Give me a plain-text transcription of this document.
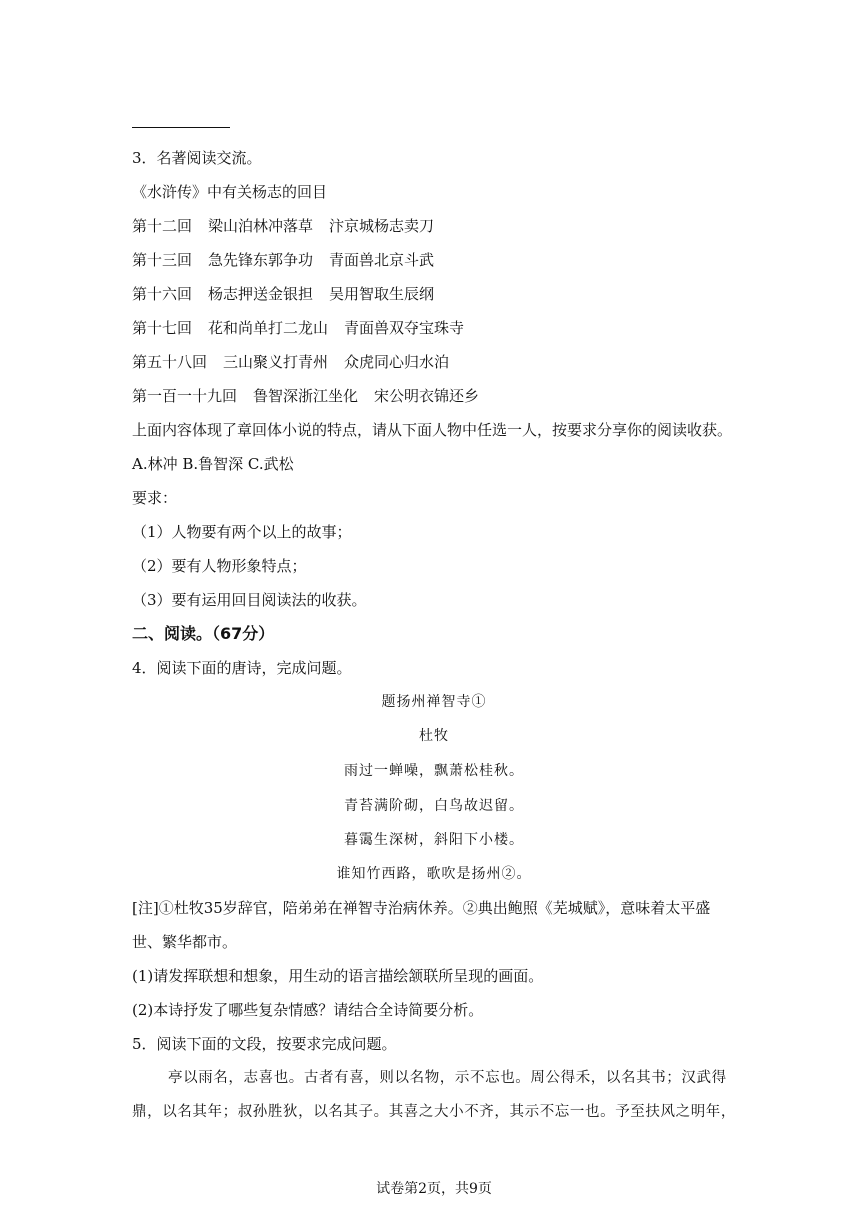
3．名著阅读交流。
《水浒传》中有关杨志的回目
第十二回 梁山泊林冲落草 汴京城杨志卖刀
第十三回 急先锋东郭争功 青面兽北京斗武
第十六回 杨志押送金银担 吴用智取生辰纲
第十七回 花和尚单打二龙山 青面兽双夺宝珠寺
第五十八回 三山聚义打青州 众虎同心归水泊
第一百一十九回 鲁智深浙江坐化 宋公明衣锦还乡
上面内容体现了章回体小说的特点，请从下面人物中任选一人，按要求分享你的阅读收获。
A.林冲 B.鲁智深 C.武松
要求：
（1）人物要有两个以上的故事；
（2）要有人物形象特点；
（3）要有运用回目阅读法的收获。
二、阅读。（67分）
4．阅读下面的唐诗，完成问题。
题扬州禅智寺①
杜牧
雨过一蝉噪，飘萧松桂秋。
青苔满阶砌，白鸟故迟留。
暮霭生深树，斜阳下小楼。
谁知竹西路，歌吹是扬州②。
[注]①杜牧35岁辞官，陪弟弟在禅智寺治病休养。②典出鲍照《芜城赋》，意味着太平盛
世、繁华都市。
(1)请发挥联想和想象，用生动的语言描绘颔联所呈现的画面。
(2)本诗抒发了哪些复杂情感？请结合全诗简要分析。
5．阅读下面的文段，按要求完成问题。
亭以雨名，志喜也。古者有喜，则以名物，示不忘也。周公得禾，以名其书；汉武得
鼎，以名其年；叔孙胜狄，以名其子。其喜之大小不齐，其示不忘一也。予至扶风之明年，
试卷第2页，共9页
